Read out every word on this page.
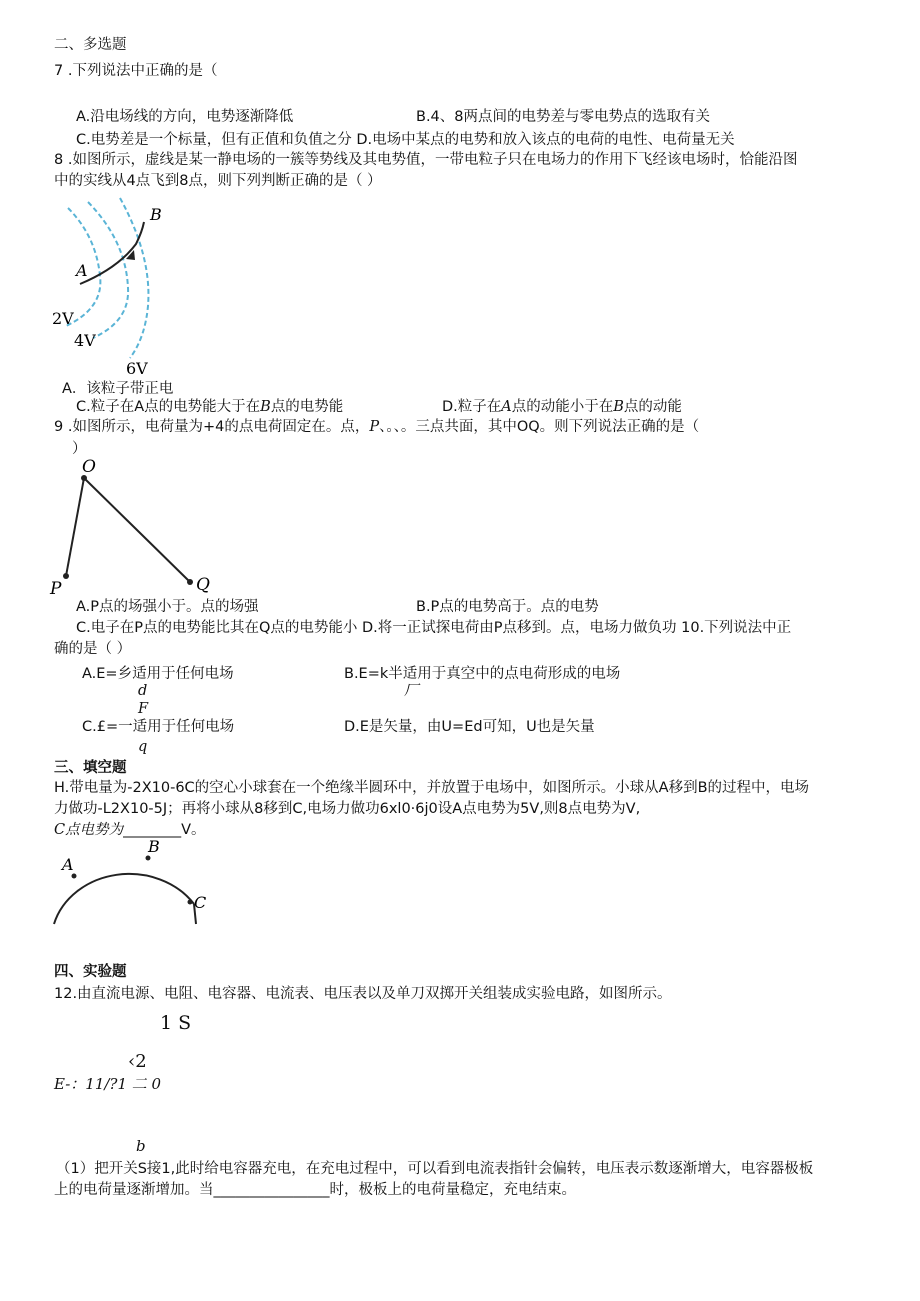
二、多选题
7 .下列说法中正确的是（
A.沿电场线的方向，电势逐渐降低	B.4、8两点间的电势差与零电势点的选取有关
C.电势差是一个标量，但有正值和负值之分 D.电场中某点的电势和放入该点的电荷的电性、电荷量无关
8 .如图所示，虚线是某一静电场的一簇等势线及其电势值，一带电粒子只在电场力的作用下飞经该电场时，恰能沿图
中的实线从4点飞到8点，则下列判断正确的是（ ）
B
A
2V
4V
6V
A．该粒子带正电
C.粒子在A点的电势能大于在B点的电势能	D.粒子在A点的动能小于在B点的动能
9 .如图所示，电荷量为+4的点电荷固定在。点，P、。、。三点共面，其中OQ。则下列说法正确的是（
）
O
P	Q
A.P点的场强小于。点的场强	B.P点的电势高于。点的电势
C.电子在P点的电势能比其在Q点的电势能小 D.将一正试探电荷由P点移到。点，电场力做负功 10.下列说法中正
确的是（ ）
A.E=乡适用于任何电场
d
B.E=k半适用于真空中的点电荷形成的电场
厂
F
C.£=一适用于任何电场
q
D.E是矢量，由U=Ed可知，U也是矢量
三、填空题
H.带电量为-2X10-6C的空心小球套在一个绝缘半圆环中，并放置于电场中，如图所示。小球从A移到B的过程中，电场
力做功-L2X10-5J；再将小球从8移到C,电场力做功6xl0·6j0设A点电势为5V,则8点电势为V,
C点电势为________V。
A
B
C
四、实验题
12.由直流电源、电阻、电容器、电流表、电压表以及单刀双掷开关组装成实验电路，如图所示。
1 S
‹2
E-：11/?1 二 0
b
（1）把开关S接1,此时给电容器充电，在充电过程中，可以看到电流表指针会偏转，电压表示数逐渐增大，电容器极板
上的电荷量逐渐增加。当________________时，极板上的电荷量稳定，充电结束。
